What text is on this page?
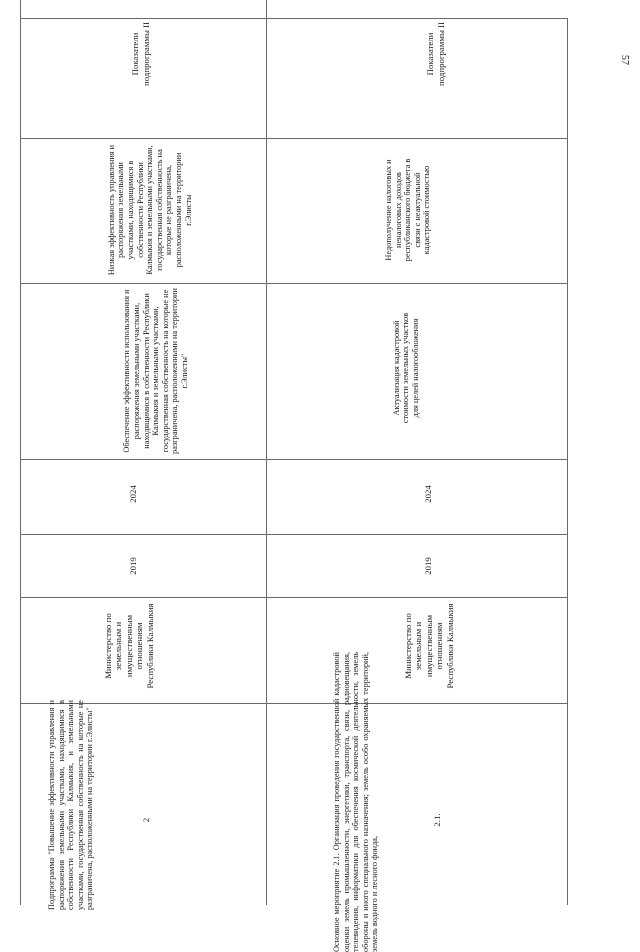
57
Показатели подпрограммы II
Низкая эффективность управления и распоряжения земельными участками, находящимися в собственности Республики Калмыкия и земельными участками, государственная собственность на которые не разграничена, расположенными на территории г.Элисты
Обеспечение эффективности использования и распоряжения земельными участками, находящимися в собственности Республики Калмыкия и земельными участками, государственная собственность на которые не разграничена, расположенными на территории г.Элисты"
2024
2019
Министерство по земельным и имущественным отношениям Республики Калмыкия
Подпрограмма "Повышение эффективности управления и распоряжения земельными участками, находящимися в собственности Республики Калмыкия, и земельными участками, государственная собственность на которые не разграничена, расположенными на территории г.Элисты"	2
Показатели подпрограммы II
Недополучение налоговых и неналоговых доходов республиканского бюджета в связи с неактуальной кадастровой стоимостью
Актуализация кадастровой стоимости земельных участков для целей налогообложения
2024
2019
Министерство по земельным и имущественным отношениям Республики Калмыкия
Основное мероприятие 2.1. Организация проведения государственной кадастровой оценки земель промышленности, энергетики, транспорта, связи, радиовещания, телевидения, информатики для обеспечения космической деятельности, земель обороны и иного специального назначения; земель особо охраняемых территорий, земель водного и лесного фонда,
2.1.
